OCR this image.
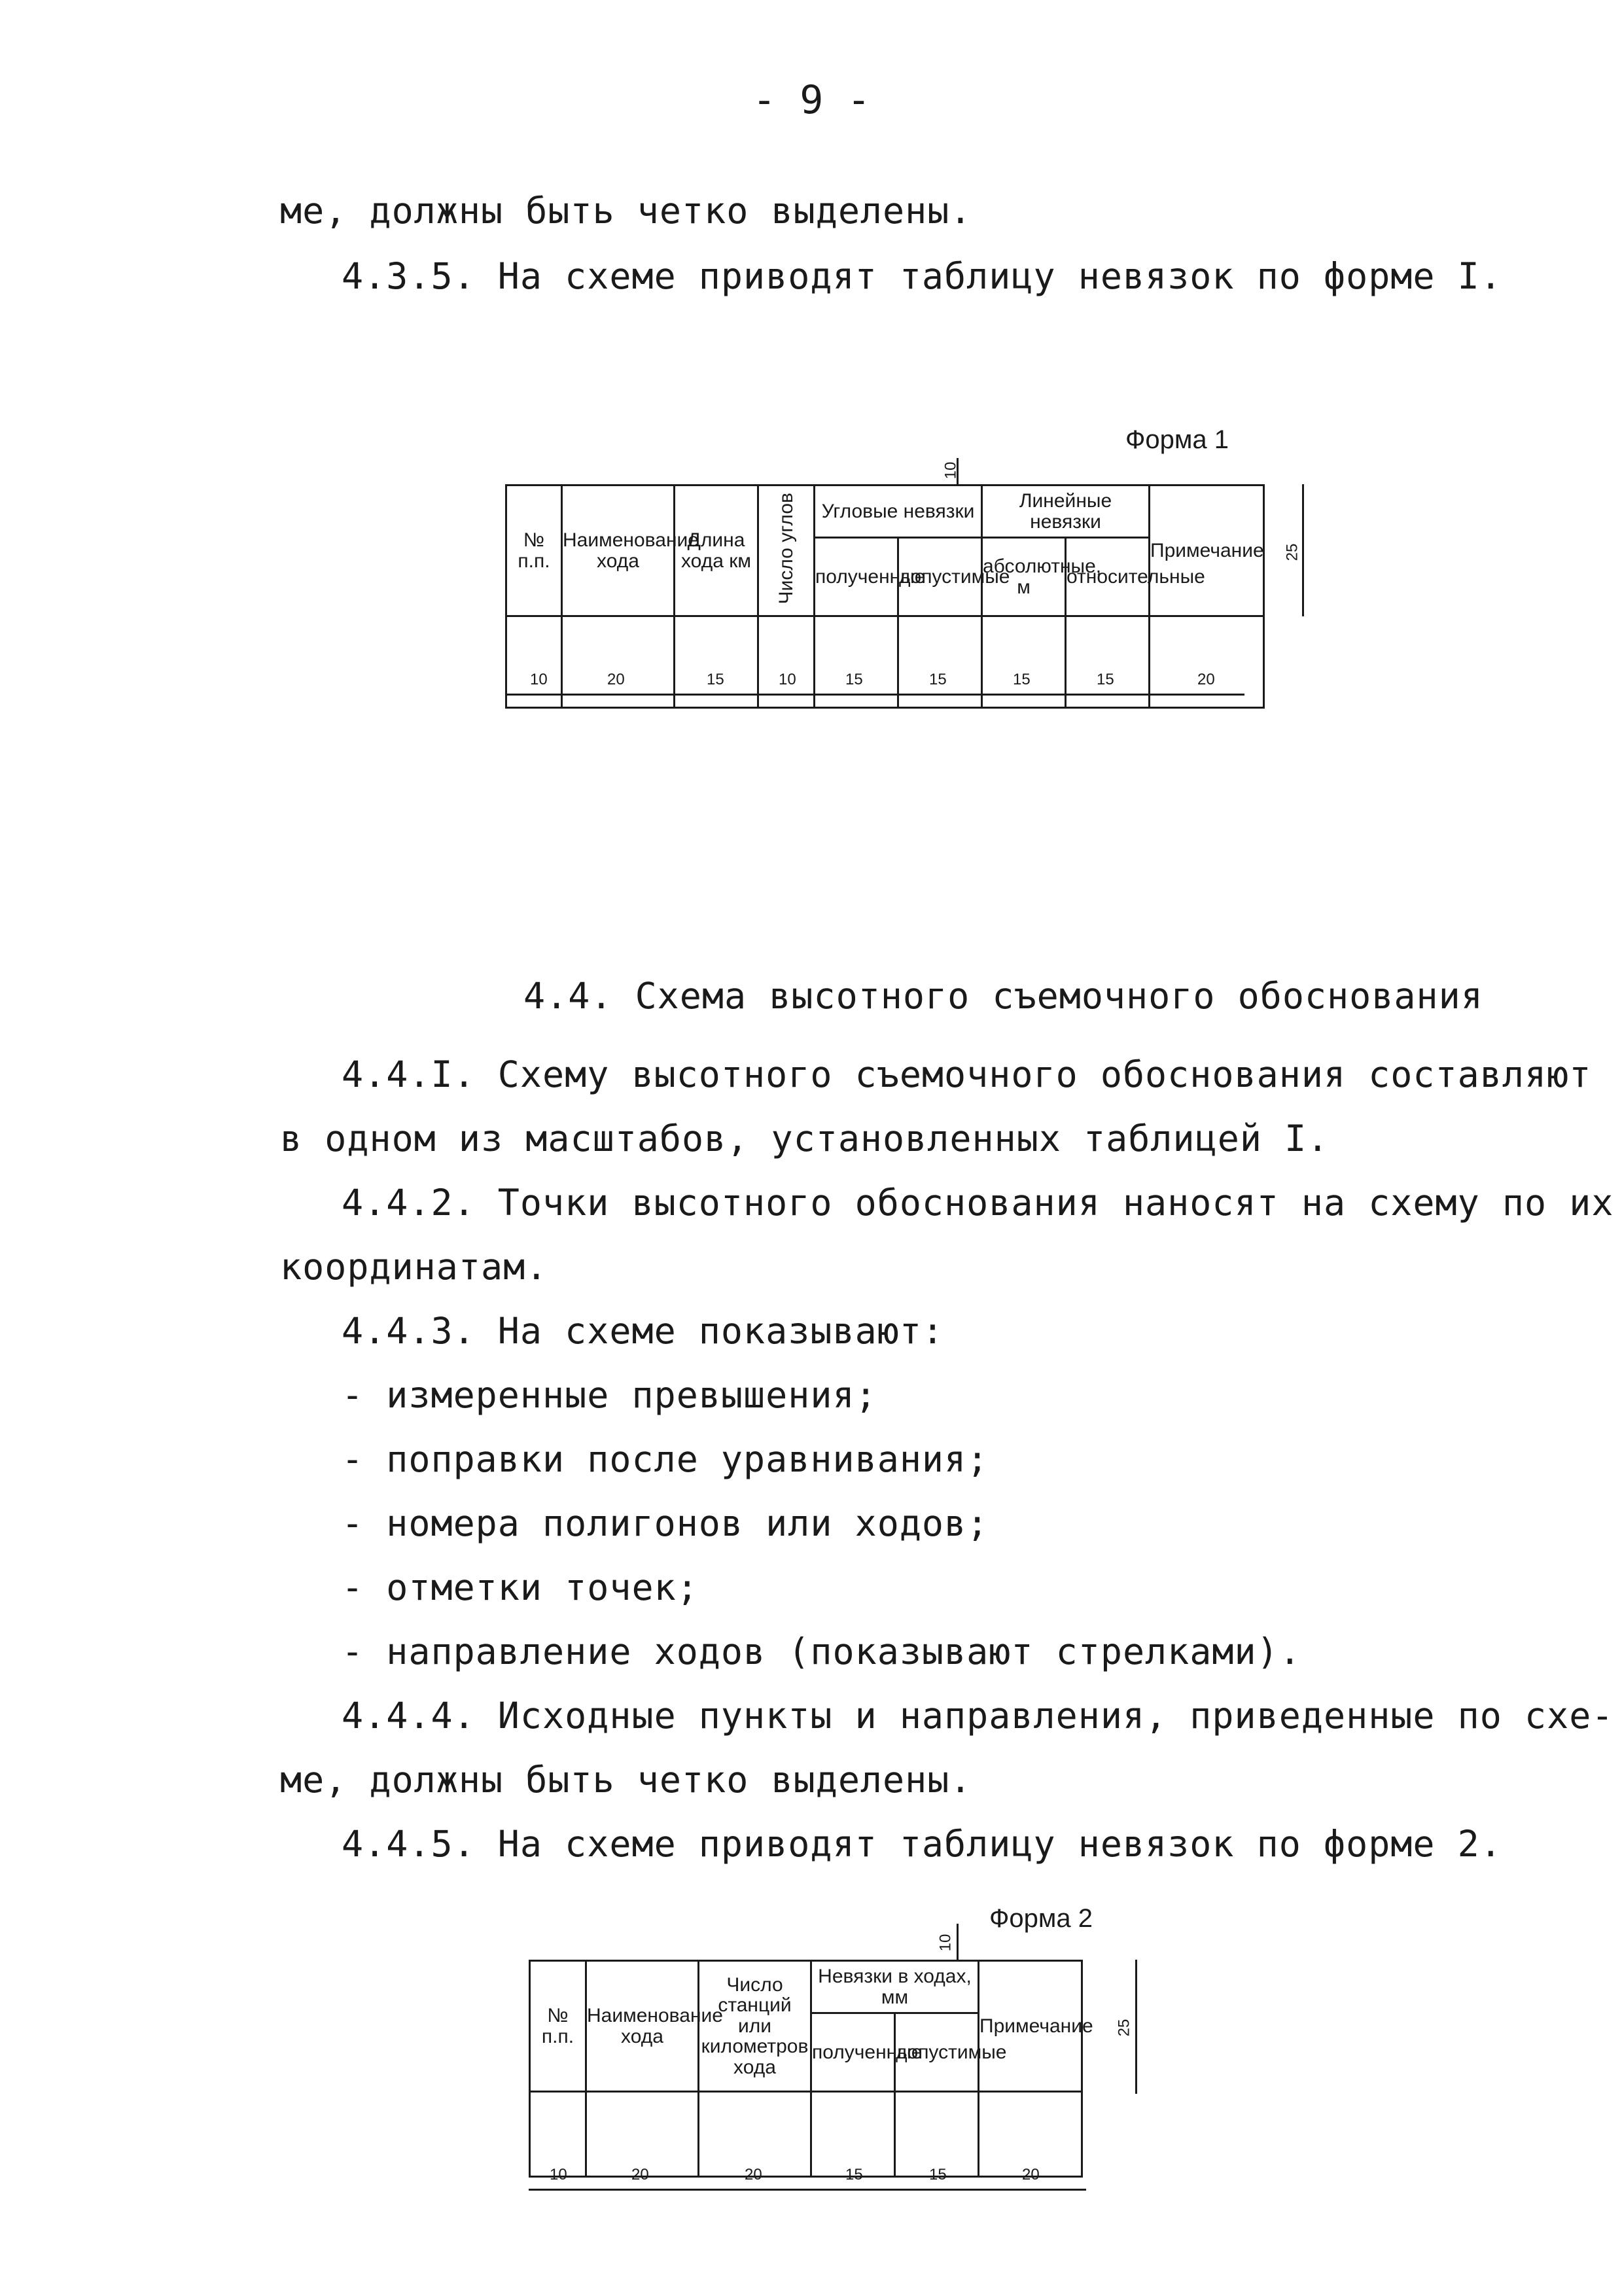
- 9 -
ме, должны быть четко выделены.
4.3.5. На схеме приводят таблицу невязок по форме I.
Форма 1
10
№ п.п.	Наименование хода	Длина хода км	Число углов	Угловые невязки		Линейные невязки		Примечание	
				полученные	допустимые	абсолютные, м	относительные		

25
10	20	15	10	15	15	15	15	20
4.4. Схема высотного съемочного обоснования
4.4.I. Схему высотного съемочного обоснования составляют
в одном из масштабов, установленных таблицей I.
4.4.2. Точки высотного обоснования наносят на схему по их
координатам.
4.4.3. На схеме показывают:
- измеренные превышения;
- поправки после уравнивания;
- номера полигонов или ходов;
- отметки точек;
- направление ходов (показывают стрелками).
4.4.4. Исходные пункты и направления, приведенные по схе-
ме, должны быть четко выделены.
4.4.5. На схеме приводят таблицу невязок по форме 2.
Форма 2
10
№ п.п.	Наименование хода	Число станций или километров хода	Невязки в ходах, мм		Примечание	
			полученные	допустимые		

25
10	20	20	15	15	20
